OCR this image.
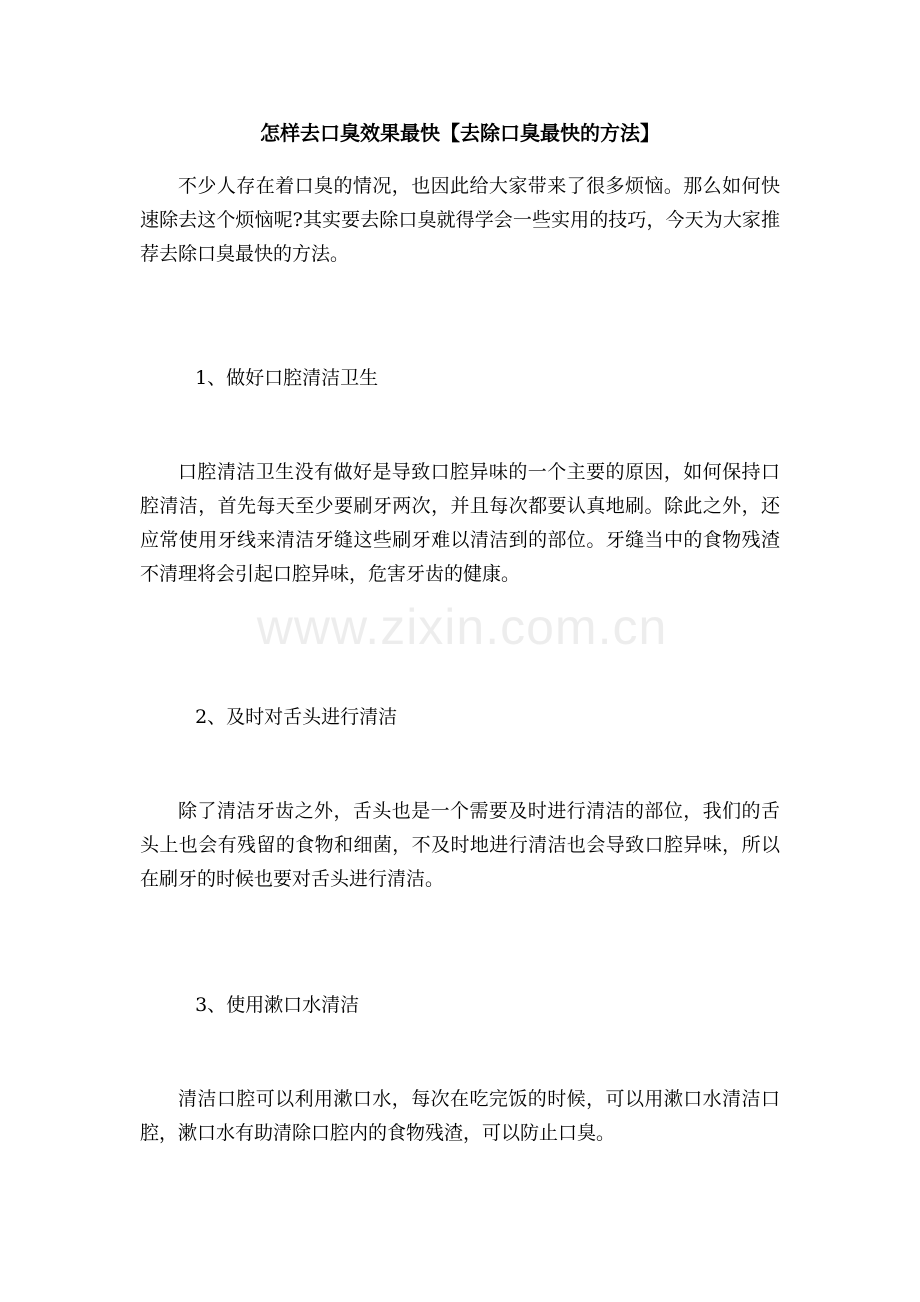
怎样去口臭效果最快【去除口臭最快的方法】

不少人存在着口臭的情况，也因此给大家带来了很多烦恼。那么如何快速除去这个烦恼呢?其实要去除口臭就得学会一些实用的技巧，今天为大家推荐去除口臭最快的方法。

1、做好口腔清洁卫生

口腔清洁卫生没有做好是导致口腔异味的一个主要的原因，如何保持口腔清洁，首先每天至少要刷牙两次，并且每次都要认真地刷。除此之外，还应常使用牙线来清洁牙缝这些刷牙难以清洁到的部位。牙缝当中的食物残渣不清理将会引起口腔异味，危害牙齿的健康。

2、及时对舌头进行清洁

除了清洁牙齿之外，舌头也是一个需要及时进行清洁的部位，我们的舌头上也会有残留的食物和细菌，不及时地进行清洁也会导致口腔异味，所以在刷牙的时候也要对舌头进行清洁。

3、使用漱口水清洁

清洁口腔可以利用漱口水，每次在吃完饭的时候，可以用漱口水清洁口腔，漱口水有助清除口腔内的食物残渣，可以防止口臭。

www.zixin.com.cn
